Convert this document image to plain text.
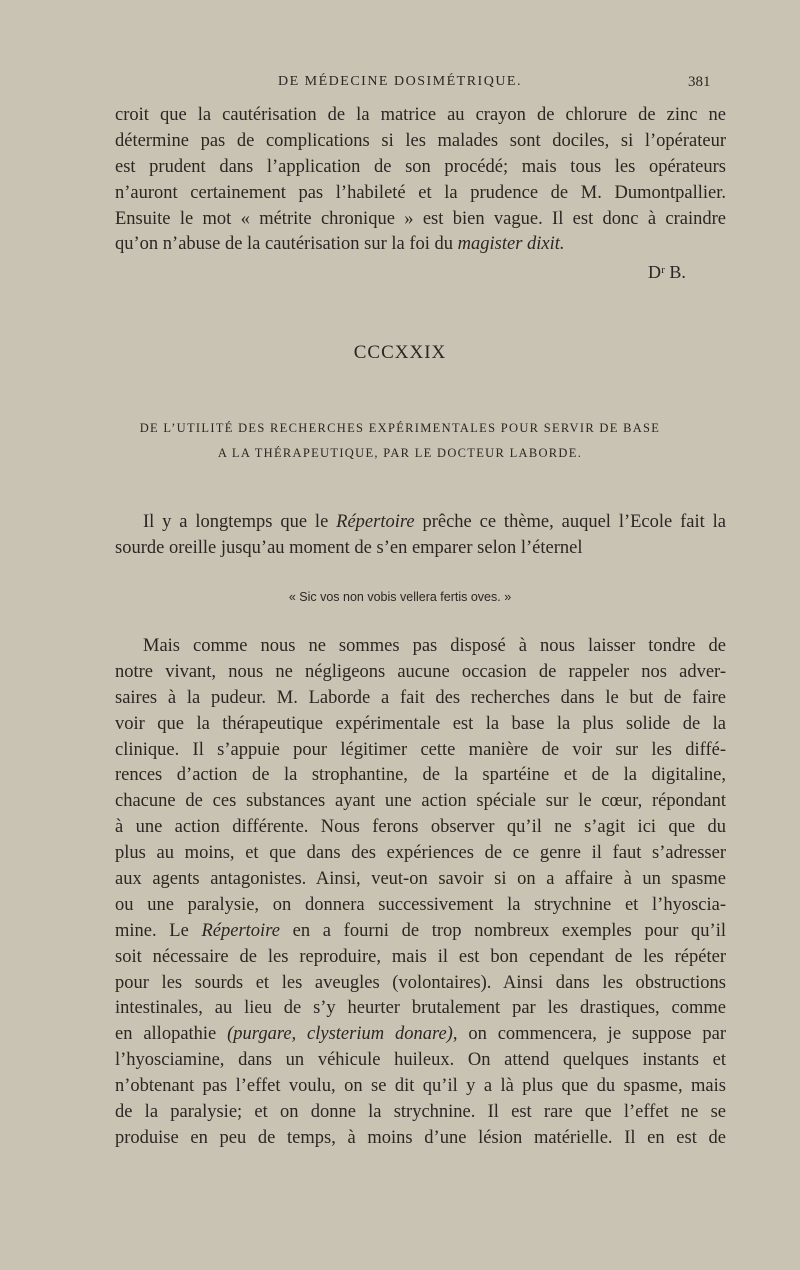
DE MÉDECINE DOSIMÉTRIQUE.	381
croit que la cautérisation de la matrice au crayon de chlorure de zinc ne
détermine pas de complications si les malades sont dociles, si l’opérateur
est prudent dans l’application de son procédé; mais tous les opérateurs
n’auront certainement pas l’habileté et la prudence de M. Dumontpallier.
Ensuite le mot « métrite chronique » est bien vague. Il est donc à craindre
qu’on n’abuse de la cautérisation sur la foi du magister dixit.
Dʳ B.
CCCXXIX
DE L’UTILITÉ DES RECHERCHES EXPÉRIMENTALES POUR SERVIR DE BASE
A LA THÉRAPEUTIQUE, PAR LE DOCTEUR LABORDE.
Il y a longtemps que le Répertoire prêche ce thème, auquel l’Ecole fait la
sourde oreille jusqu’au moment de s’en emparer selon l’éternel
« Sic vos non vobis vellera fertis oves. »
Mais comme nous ne sommes pas disposé à nous laisser tondre de
notre vivant, nous ne négligeons aucune occasion de rappeler nos adver-
saires à la pudeur. M. Laborde a fait des recherches dans le but de faire
voir que la thérapeutique expérimentale est la base la plus solide de la
clinique. Il s’appuie pour légitimer cette manière de voir sur les diffé-
rences d’action de la strophantine, de la spartéine et de la digitaline,
chacune de ces substances ayant une action spéciale sur le cœur, répondant
à une action différente. Nous ferons observer qu’il ne s’agit ici que du
plus au moins, et que dans des expériences de ce genre il faut s’adresser
aux agents antagonistes. Ainsi, veut-on savoir si on a affaire à un spasme
ou une paralysie, on donnera successivement la strychnine et l’hyoscia-
mine. Le Répertoire en a fourni de trop nombreux exemples pour qu’il
soit nécessaire de les reproduire, mais il est bon cependant de les répéter
pour les sourds et les aveugles (volontaires). Ainsi dans les obstructions
intestinales, au lieu de s’y heurter brutalement par les drastiques, comme
en allopathie (purgare, clysterium donare), on commencera, je suppose par
l’hyosciamine, dans un véhicule huileux. On attend quelques instants et
n’obtenant pas l’effet voulu, on se dit qu’il y a là plus que du spasme, mais
de la paralysie; et on donne la strychnine. Il est rare que l’effet ne se
produise en peu de temps, à moins d’une lésion matérielle. Il en est de
